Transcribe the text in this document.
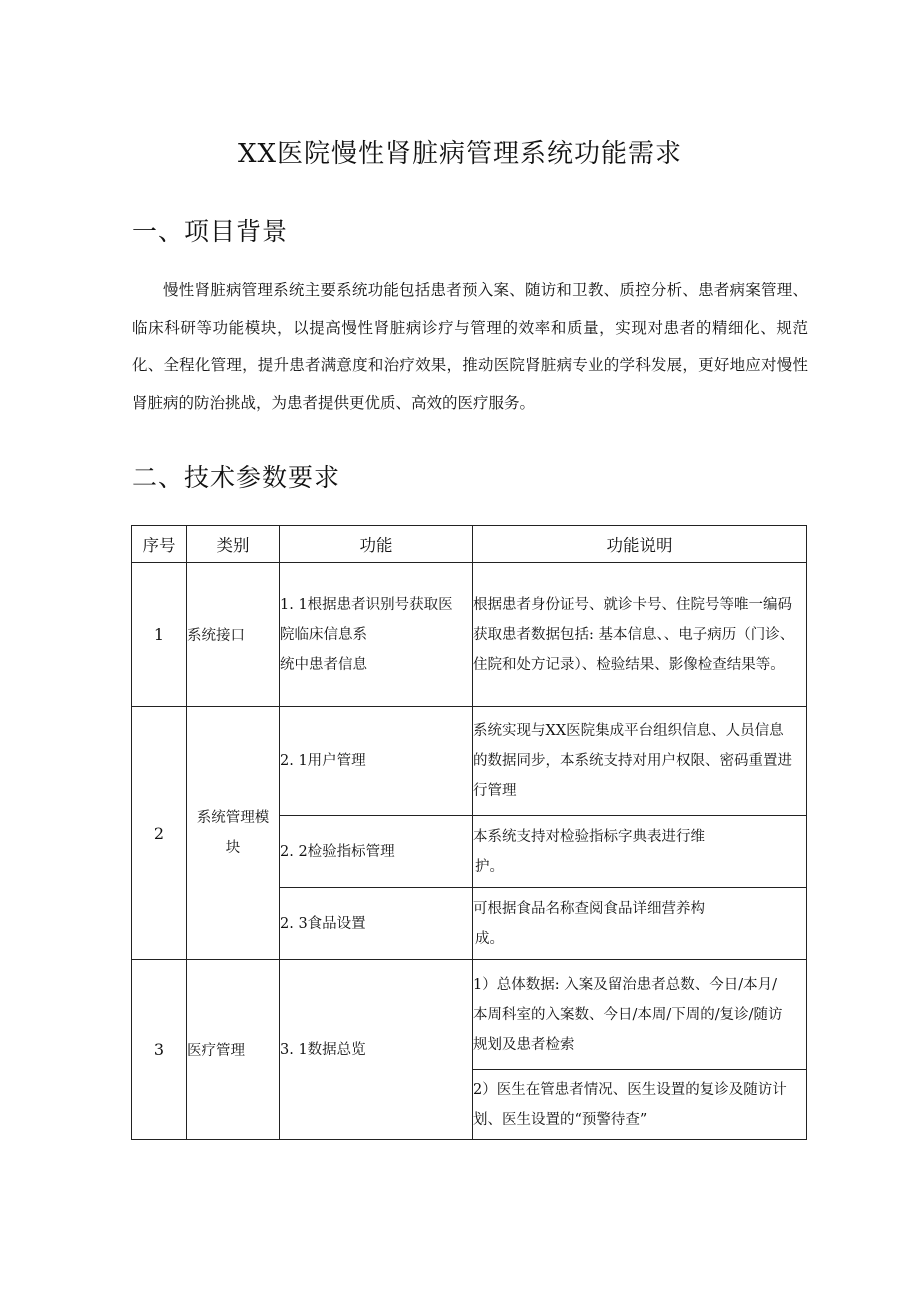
XX医院慢性肾脏病管理系统功能需求
一、项目背景

慢性肾脏病管理系统主要系统功能包括患者预入案、随访和卫教、质控分析、患者病案管理、临床科研等功能模块，以提高慢性肾脏病诊疗与管理的效率和质量，实现对患者的精细化、规范化、全程化管理，提升患者满意度和治疗效果，推动医院肾脏病专业的学科发展，更好地应对慢性肾脏病的防治挑战，为患者提供更优质、高效的医疗服务。

二、技术参数要求
序号	类别	功能	功能说明
1	系统接口	1. 1根据患者识别号获取医
院临床信息系
统中患者信息	根据患者身份证号、就诊卡号、住院号等唯一编码
获取患者数据包括: 基本信息、、电子病历（门诊、
住院和处方记录）、检验结果、影像检查结果等。

2	系统管理模
块	2. 1用户管理	系统实现与XX医院集成平台组织信息、人员信息
的数据同步，本系统支持对用户权限、密码重置进
行管理

		2. 2检验指标管理	本系统支持对检验指标字典表进行维
护。

		2. 3食品设置	可根据食品名称查阅食品详细营养构
成。

3	医疗管理	3. 1数据总览	1）总体数据: 入案及留治患者总数、今日/本月/
本周科室的入案数、今日/本周/下周的/复诊/随访
规划及患者检索

			2）医生在管患者情况、医生设置的复诊及随访计
划、医生设置的“预警待查”
